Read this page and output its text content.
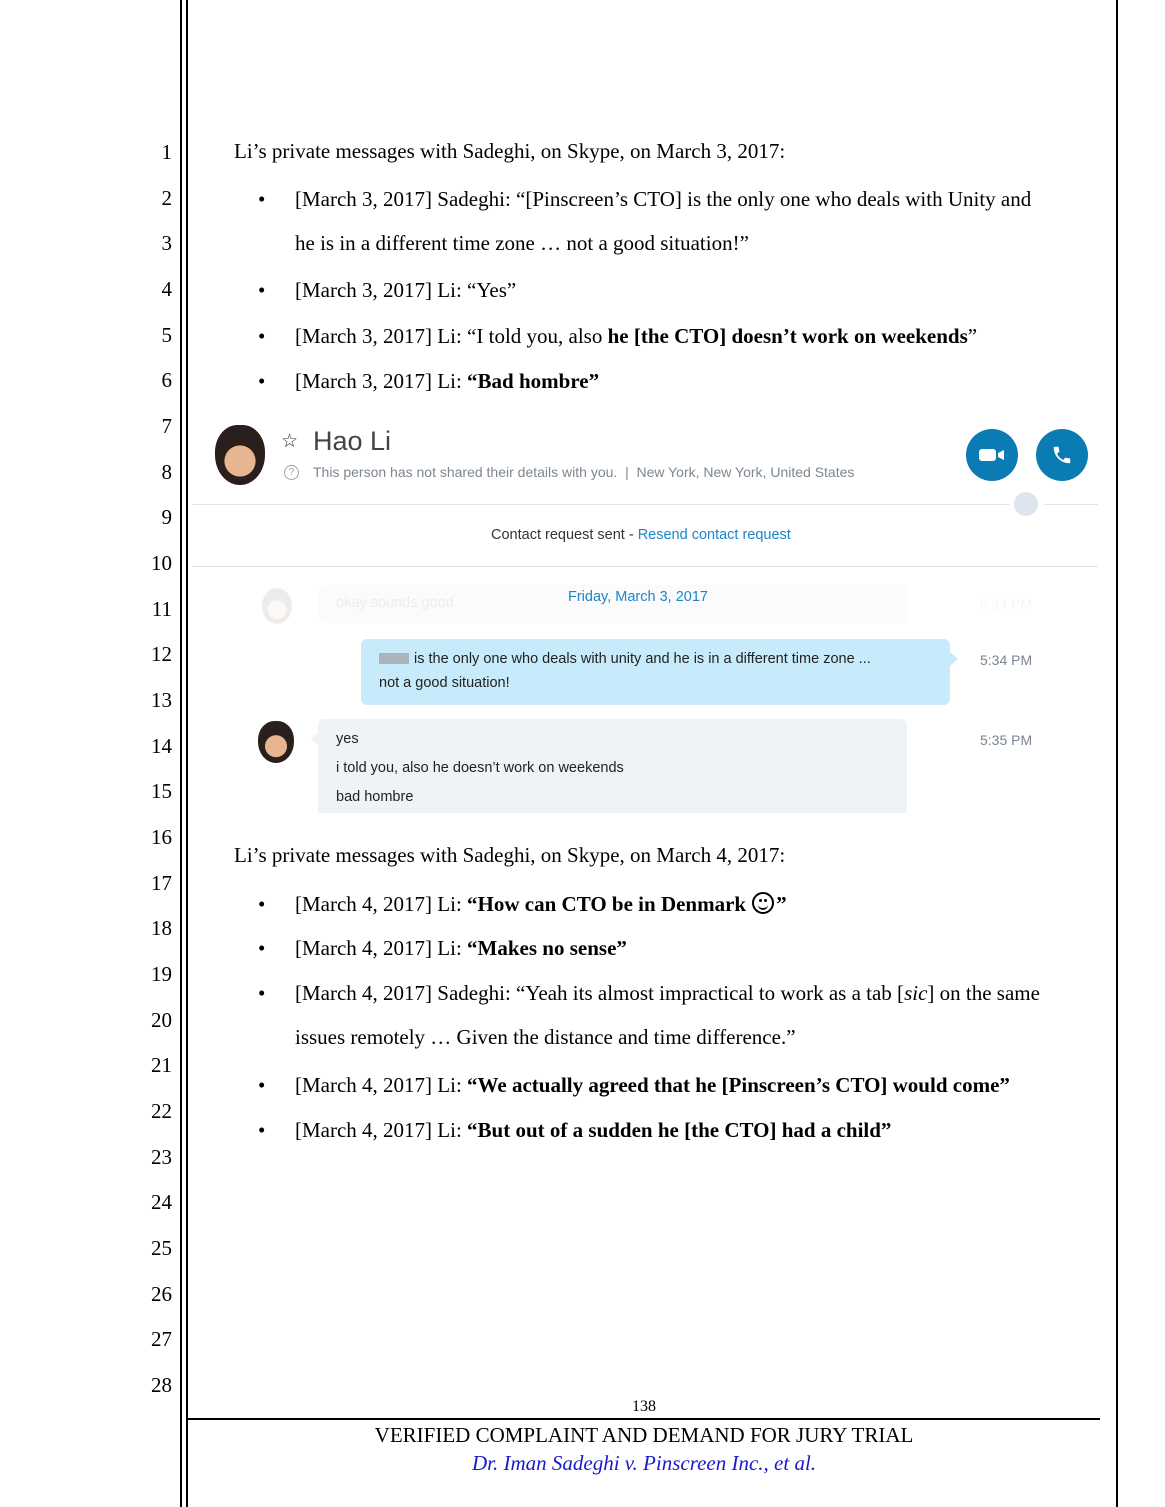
1
2
3
4
5
6
7
8
9
10
11
12
13
14
15
16
17
18
19
20
21
22
23
24
25
26
27
28
Li’s private messages with Sadeghi, on Skype, on March 3, 2017:
• [March 3, 2017] Sadeghi: “[Pinscreen’s CTO] is the only one who deals with Unity and
he is in a different time zone … not a good situation!”
• [March 3, 2017] Li: “Yes”
• [March 3, 2017] Li: “I told you, also he [the CTO] doesn’t work on weekends”
• [March 3, 2017] Li: “Bad hombre”
☆ Hao Li
?	This person has not shared their details with you. | New York, New York, United States
Contact request sent - Resend contact request
okay sounds good	5:34 PM
Friday, March 3, 2017
is the only one who deals with unity and he is in a different time zone ...
not a good situation!
5:34 PM
yes
i told you, also he doesn’t work on weekends
bad hombre
5:35 PM
Li’s private messages with Sadeghi, on Skype, on March 4, 2017:
• [March 4, 2017] Li: “How can CTO be in Denmark ”
• [March 4, 2017] Li: “Makes no sense”
• [March 4, 2017] Sadeghi: “Yeah its almost impractical to work as a tab [sic] on the same
issues remotely … Given the distance and time difference.”
• [March 4, 2017] Li: “We actually agreed that he [Pinscreen’s CTO] would come”
• [March 4, 2017] Li: “But out of a sudden he [the CTO] had a child”
138
VERIFIED COMPLAINT AND DEMAND FOR JURY TRIAL
Dr. Iman Sadeghi v. Pinscreen Inc., et al.
